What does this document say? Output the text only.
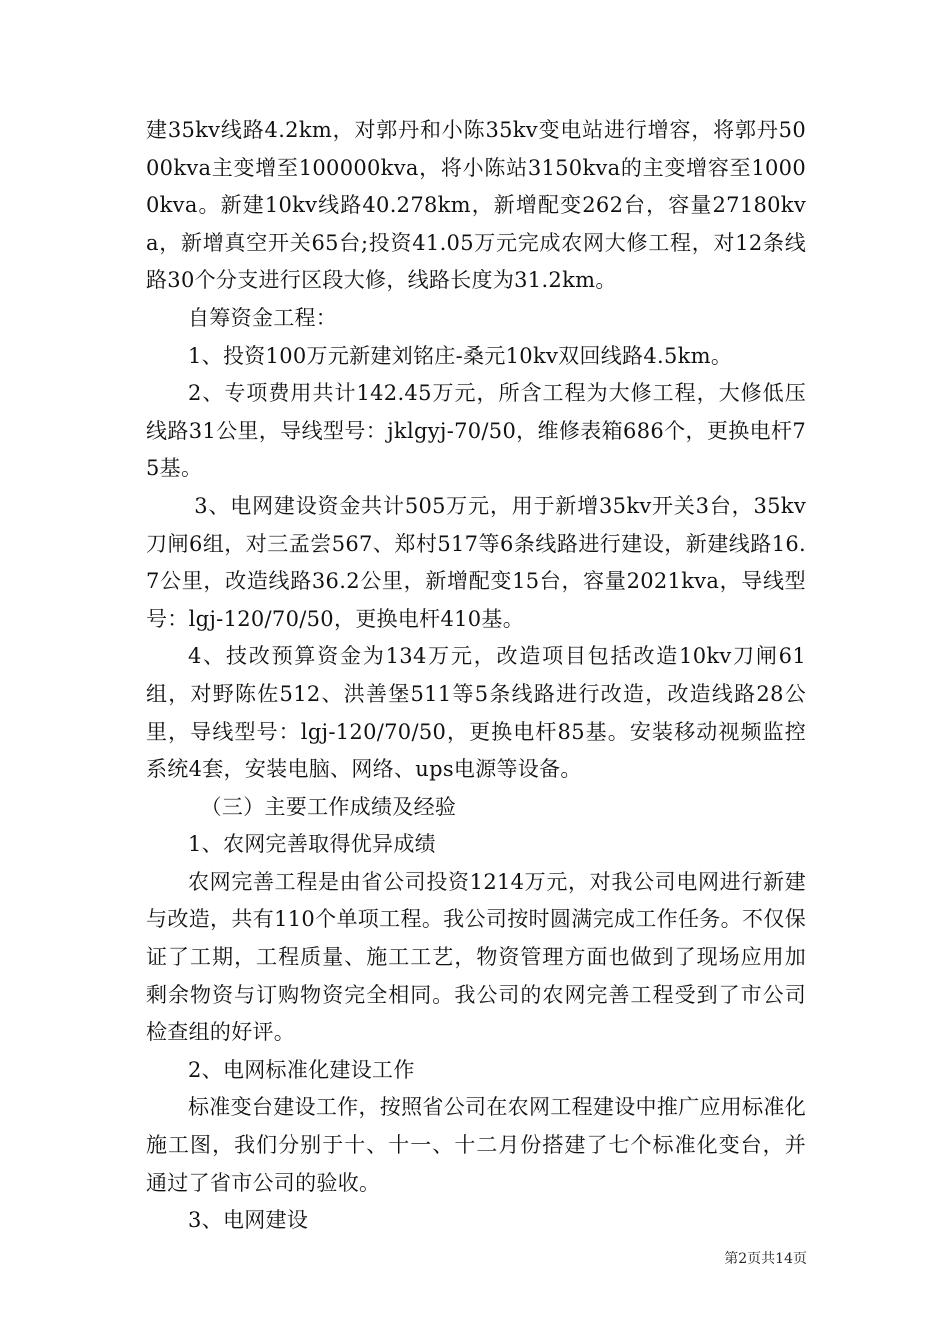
建35kv线路4.2km，对郭丹和小陈35kv变电站进行增容，将郭丹5000kva主变增至100000kva，将小陈站3150kva的主变增容至10000kva。新建10kv线路40.278km，新增配变262台，容量27180kva，新增真空开关65台;投资41.05万元完成农网大修工程，对12条线路30个分支进行区段大修，线路长度为31.2km。

自筹资金工程：

1、投资100万元新建刘铭庄-桑元10kv双回线路4.5km。

2、专项费用共计142.45万元，所含工程为大修工程，大修低压线路31公里，导线型号：jklgyj-70/50，维修表箱686个，更换电杆75基。

3、电网建设资金共计505万元，用于新增35kv开关3台，35kv刀闸6组，对三孟尝567、郑村517等6条线路进行建设，新建线路16.7公里，改造线路36.2公里，新增配变15台，容量2021kva，导线型号：lgj-120/70/50，更换电杆410基。

4、技改预算资金为134万元，改造项目包括改造10kv刀闸61组，对野陈佐512、洪善堡511等5条线路进行改造，改造线路28公里，导线型号：lgj-120/70/50，更换电杆85基。安装移动视频监控系统4套，安装电脑、网络、ups电源等设备。

（三）主要工作成绩及经验

1、农网完善取得优异成绩

农网完善工程是由省公司投资1214万元，对我公司电网进行新建与改造，共有110个单项工程。我公司按时圆满完成工作任务。不仅保证了工期，工程质量、施工工艺，物资管理方面也做到了现场应用加剩余物资与订购物资完全相同。我公司的农网完善工程受到了市公司检查组的好评。

2、电网标准化建设工作

标准变台建设工作，按照省公司在农网工程建设中推广应用标准化施工图，我们分别于十、十一、十二月份搭建了七个标准化变台，并通过了省市公司的验收。

3、电网建设

第2页共14页
